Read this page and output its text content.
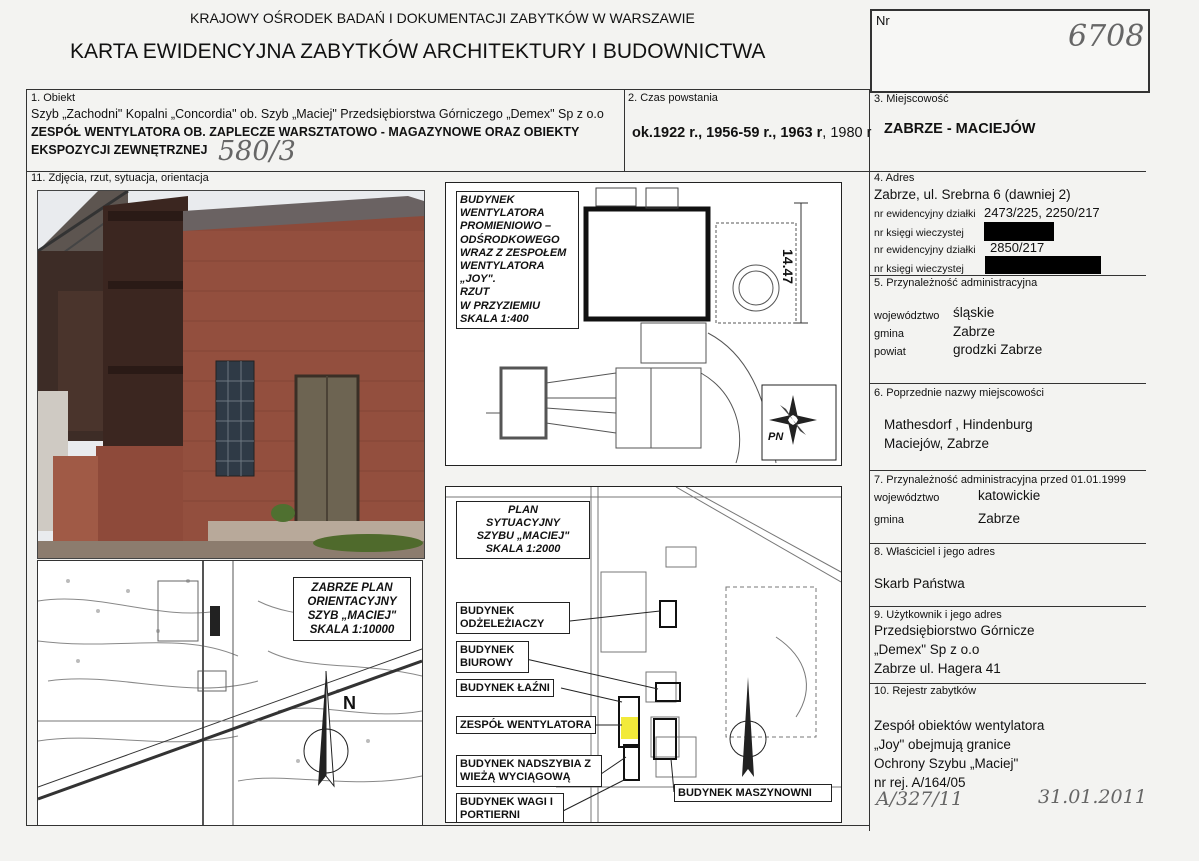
KRAJOWY OŚRODEK BADAŃ I DOKUMENTACJI ZABYTKÓW W WARSZAWIE
KARTA EWIDENCYJNA ZABYTKÓW ARCHITEKTURY I BUDOWNICTWA
Nr	6708
1. Obiekt
Szyb „Zachodni" Kopalni „Concordia" ob. Szyb „Maciej" Przedsiębiorstwa Górniczego „Demex" Sp z o.o
ZESPÓŁ WENTYLATORA OB. ZAPLECZE WARSZTATOWO - MAGAZYNOWE ORAZ OBIEKTY
EKSPOZYCJI ZEWNĘTRZNEJ 580/3
2. Czas powstania
ok.1922 r., 1956-59 r., 1963 r, 1980 r
3. Miejscowość
ZABRZE - MACIEJÓW
11. Zdjęcia, rzut, sytuacja, orientacja	4. Adres
Zabrze, ul. Srebrna 6 (dawniej 2)
nr ewidencyjny działki 2473/225, 2250/217
nr księgi wieczystej
nr ewidencyjny działki 2850/217
nr księgi wieczystej
5. Przynależność administracyjna
województwo śląskie
gmina	Zabrze
powiat	grodzki Zabrze
6. Poprzednie nazwy miejscowości
Mathesdorf , Hindenburg
Maciejów, Zabrze
7. Przynależność administracyjna przed 01.01.1999
województwo	katowickie
gmina	Zabrze
8. Właściciel i jego adres
Skarb Państwa
9. Użytkownik i jego adres
Przedsiębiorstwo Górnicze
„Demex" Sp z o.o
Zabrze ul. Hagera 41
10. Rejestr zabytków
Zespół obiektów wentylatora
„Joy" obejmują granice
Ochrony Szybu „Maciej"
nr rej. A/164/05
A/327/11	31.01.2011
N
ZABRZE PLAN
ORIENTACYJNY
SZYB „MACIEJ"
SKALA 1:10000
14.47
PN
BUDYNEK
WENTYLATORA
PROMIENIOWO –
ODŚRODKOWEGO
WRAZ Z ZESPOŁEM
WENTYLATORA
„JOY".
RZUT
W PRZYZIEMIU
SKALA 1:400
PLAN
SYTUACYJNY
SZYBU „MACIEJ"
SKALA 1:2000
BUDYNEK ODŻELEŻIACZY
BUDYNEK BIUROWY
BUDYNEK ŁAŹNI
ZESPÓŁ WENTYLATORA
BUDYNEK NADSZYBIA Z WIEŻĄ WYCIĄGOWĄ
BUDYNEK WAGI I PORTIERNI
BUDYNEK MASZYNOWNI
